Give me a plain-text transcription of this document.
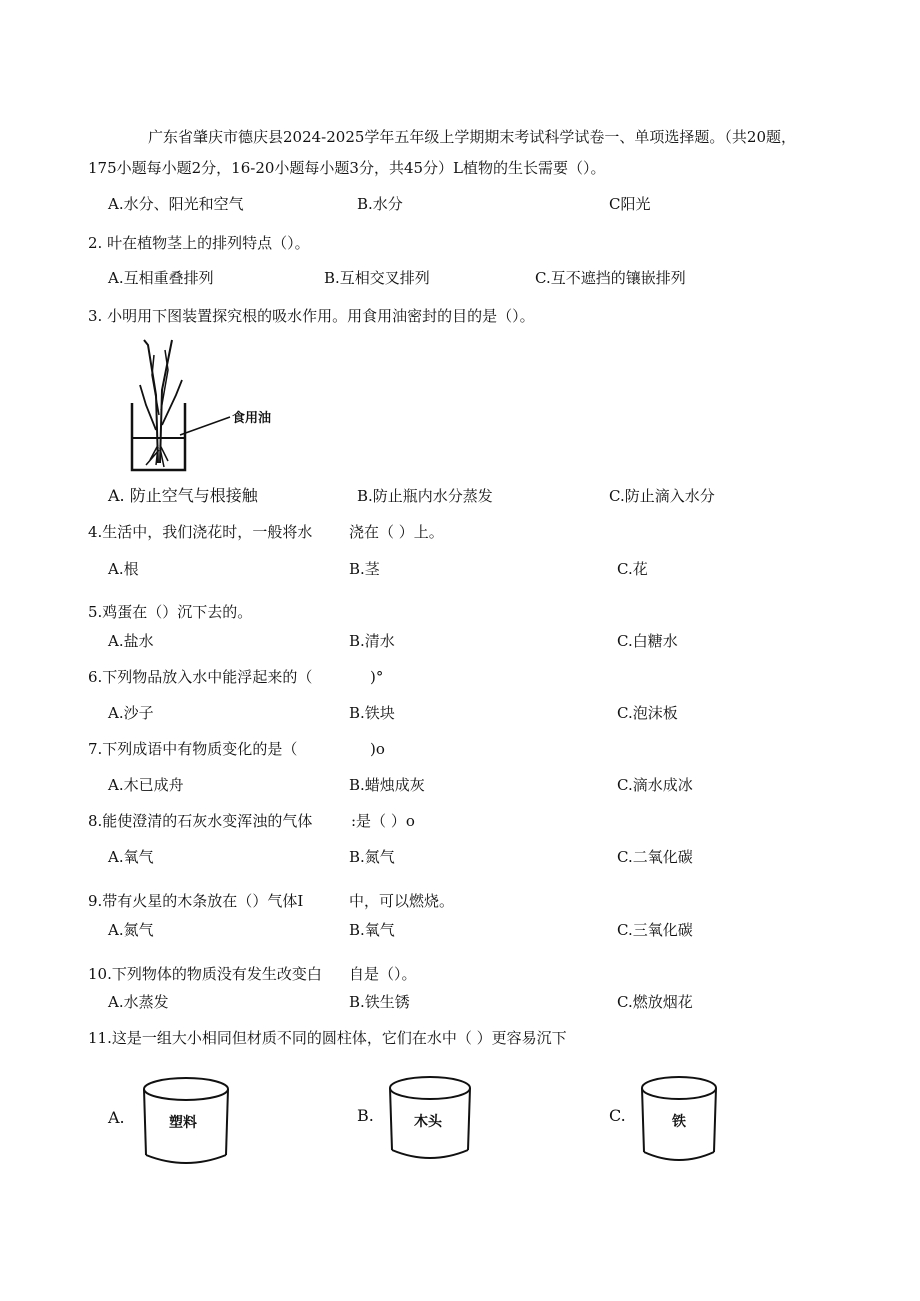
广东省肇庆市德庆县2024-2025学年五年级上学期期末考试科学试卷一、单项选择题。（共20题，
175小题每小题2分，16-20小题每小题3分，共45分）L植物的生长需要（）。
A.水分、阳光和空气	B.水分	C阳光
2. 叶在植物茎上的排列特点（）。
A.互相重叠排列	B.互相交叉排列	C.互不遮挡的镶嵌排列
3. 小明用下图装置探究根的吸水作用。用食用油密封的目的是（）。
食用油
A. 防止空气与根接触	B.防止瓶内水分蒸发	C.防止滴入水分
4.生活中，我们浇花时，一般将水 浇在（ ）上。
A.根	B.茎	C.花
5.鸡蛋在（）沉下去的。
A.盐水	B.清水	C.白糖水
6.下列物品放入水中能浮起来的（	)°
A.沙子	B.铁块	C.泡沫板
7.下列成语中有物质变化的是（	)o
A.木已成舟	B.蜡烛成灰	C.滴水成冰
8.能使澄清的石灰水变浑浊的气体	:是（ ）o
A.氧气	B.氮气	C.二氧化碳
9.带有火星的木条放在（）气体I	中，可以燃烧。
A.氮气	B.氧气	C.三氧化碳
10.下列物体的物质没有发生改变白 自是（）。
A.水蒸发	B.铁生锈	C.燃放烟花
11.这是一组大小相同但材质不同的圆柱体，它们在水中（ ）更容易沉下
A.	塑料	B.	木头	C.	铁
